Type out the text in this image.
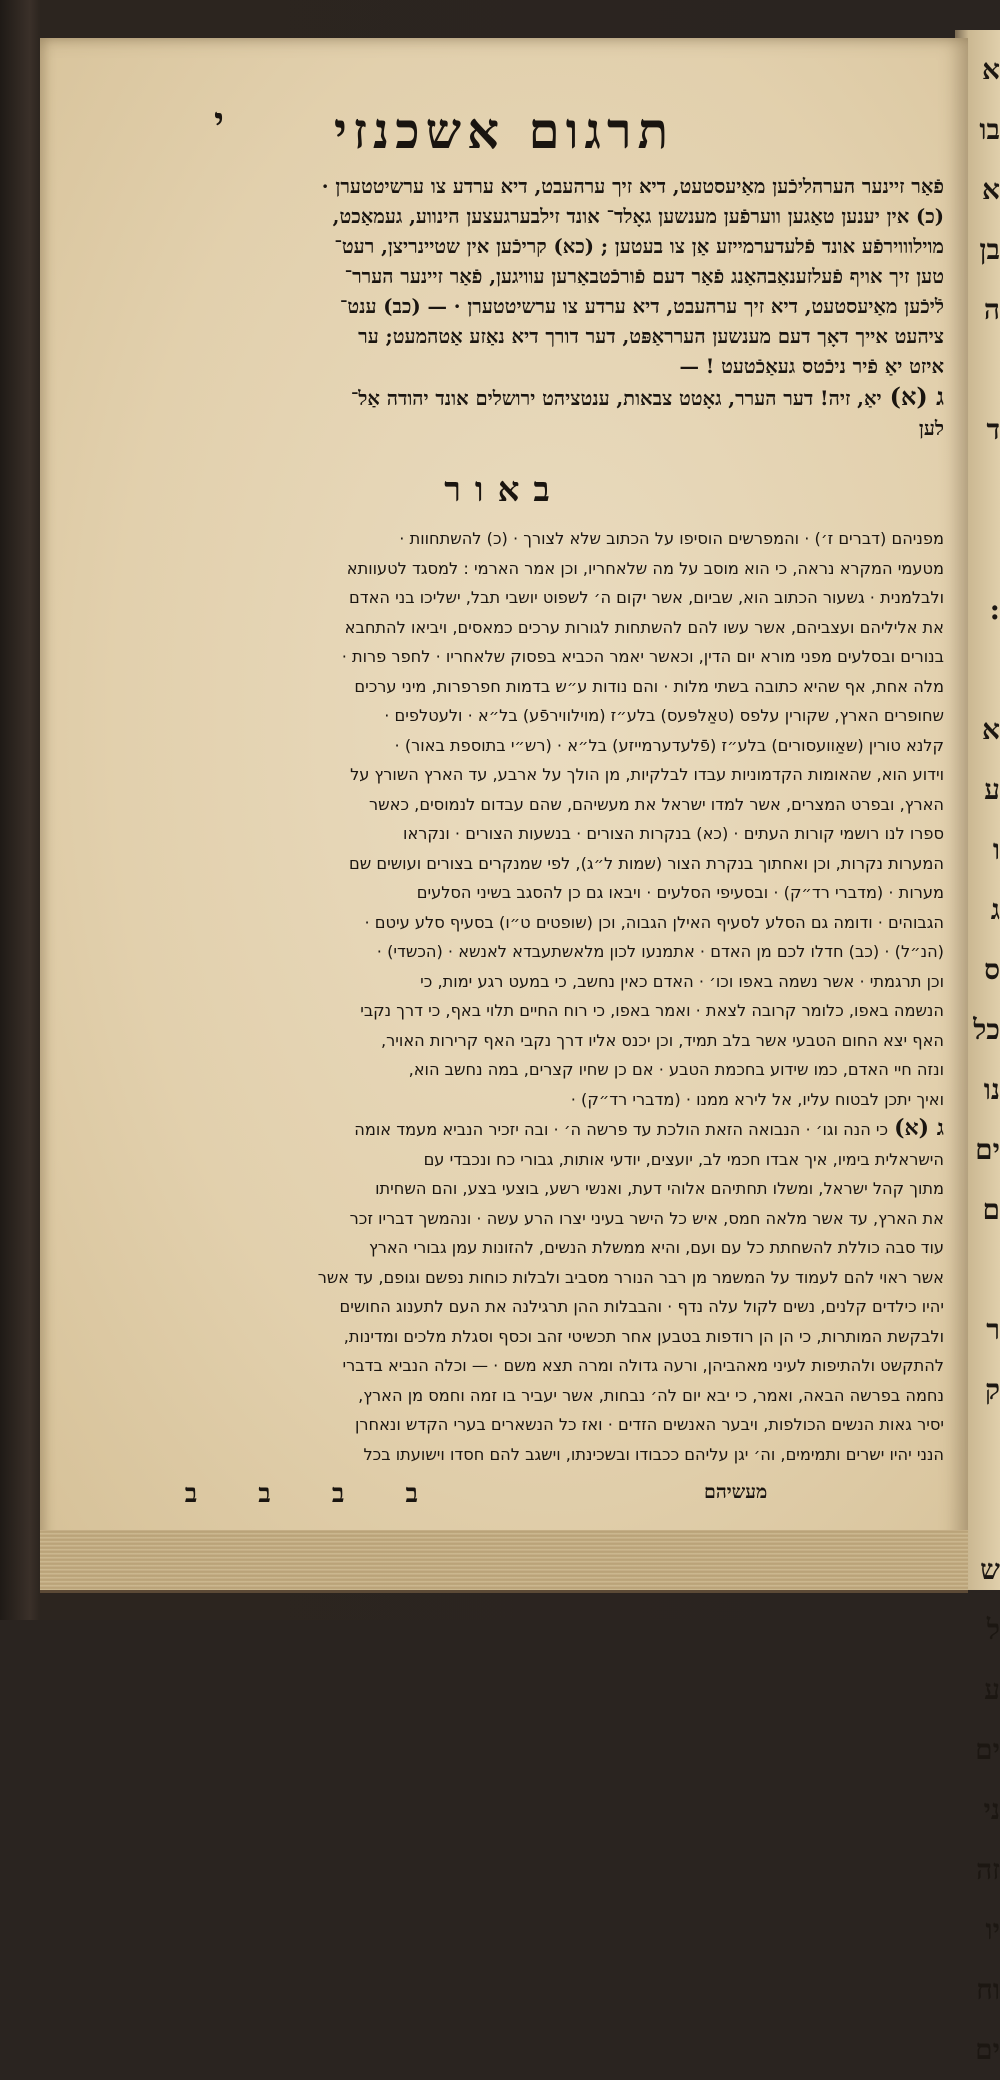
א
בו
א
בן
ה
ד
:
א
ע
ו
ג
ס
כל
נו
ים
ם
ר
ק
ש
ל
ע
ים
ני
זה
יו
וח
ים
תרגום אשכנזי
י
פֿאַר זיינער הערהליכֿען מאַיעסטעט, דיא זיך ערהעבט, דיא ערדע צו ערשיטטערן ·
(כ) אין יענען טאַגען ווערפֿען מענשען גאָלד־ אונד זילבערגעצען הינווע, געמאַכט,
מוילוווירפֿע אונד פֿלעדערמייזע אַן צו בעטען ; (כא) קריכֿען אין שטיינריצן, רעט־
טען זיך אויף פֿעלזענאַבהאַנג פֿאַר דעם פֿורכֿטבאַרען עוויגען, פֿאַר זיינער הערר־
לֿיכֿען מאַיעסטעט, דיא זיך ערהעבט, דיא ערדע צו ערשיטטערן · — (כב) ענט־
ציהעט אייך דאָך דעם מענשען הערראַפּט, דער דורך דיא נאַזע אַטהמעט; ער
איזט יאַ פֿיר ניכֿטס געאַכֿטעט ! —
ג (א)יאַ, זיה! דער הערר, גאָטט צבאות, ענטציהט ירושלים אונד יהודה אַל־
לען
באור
מפניהם (דברים ז׳) · והמפרשים הוסיפו על הכתוב שלא לצורך · (כ) להשתחוות ·
מטעמי המקרא נראה, כי הוא מוסב על מה שלאחריו, וכן אמר הארמי : למסגד לטעוותא
ולבלמנית · גשעור הכתוב הוא, שביום, אשר יקום ה׳ לשפוט יושבי תבל, ישליכו בני האדם
את אליליהם ועצביהם, אשר עשו להם להשתחות לגורות ערכים כמאסים, ויביאו להתחבא
בנורים ובסלעים מפני מורא יום הדין, וכאשר יאמר הכביא בפסוק שלאחריו · לחפר פרות ·
מלה אחת, אף שהיא כתובה בשתי מלות · והם נודות ע״ש בדמות חפרפרות, מיני ערכים
שחופרים הארץ, שקורין עלפס (טאַלפּעס) בלע״ז (מוילווירפֿע) בל״א · ולעטלפים ·
קלנא טורין (שאַוועסורים) בלע״ז (פֿלעדערמייזע) בל״א · (רש״י בתוספת באור) ·
וידוע הוא, שהאומות הקדמוניות עבדו לבלקיות, מן הולך על ארבע, עד הארץ השורץ על
הארץ, ובפרט המצרים, אשר למדו ישראל את מעשיהם, שהם עבדום לנמוסים, כאשר
ספרו לנו רושמי קורות העתים · (כא) בנקרות הצורים · בנשעות הצורים · ונקראו
המערות נקרות, וכן ואחתוך בנקרת הצור (שמות ל״ג), לפי שמנקרים בצורים ועושים שם
מערות · (מדברי רד״ק) · ובסעיפי הסלעים · ויבאו גם כן להסגב בשיני הסלעים
הגבוהים · ודומה גם הסלע לסעיף האילן הגבוה, וכן (שופטים ט״ו) בסעיף סלע עיטם ·
(הנ״ל) · (כב) חדלו לכם מן האדם · אתמנעו לכון מלאשתעבדא לאנשא · (הכשדי) ·
וכן תרגמתי · אשר נשמה באפו וכו׳ · האדם כאין נחשב, כי במעט רגע ימות, כי
הנשמה באפו, כלומר קרובה לצאת · ואמר באפו, כי רוח החיים תלוי באף, כי דרך נקבי
האף יצא החום הטבעי אשר בלב תמיד, וכן יכנס אליו דרך נקבי האף קרירות האויר,
ונזה חיי האדם, כמו שידוע בחכמת הטבע · אם כן שחיו קצרים, במה נחשב הוא,
ואיך יתכן לבטוח עליו, אל לירא ממנו · (מדברי רד״ק) ·
ג (א)כי הנה וגו׳ · הנבואה הזאת הולכת עד פרשה ה׳ · ובה יזכיר הנביא מעמד אומה
הישראלית בימיו, איך אבדו חכמי לב, יועצים, יודעי אותות, גבורי כח ונכבדי עם
מתוך קהל ישראל, ומשלו תחתיהם אלוהי דעת, ואנשי רשע, בוצעי בצע, והם השחיתו
את הארץ, עד אשר מלאה חמס, איש כל הישר בעיני יצרו הרע עשה · ונהמשך דבריו זכר
עוד סבה כוללת להשחתת כל עם ועם, והיא ממשלת הנשים, להזונות עמן גבורי הארץ
אשר ראוי להם לעמוד על המשמר מן רבר הנורר מסביב ולבלות כוחות נפשם וגופם, עד אשר
יהיו כילדים קלנים, נשים לקול עלה נדף · והבבלות ההן תרגילנה את העם לתענוג החושים
ולבקשת המותרות, כי הן הן רודפות בטבען אחר תכשיטי זהב וכסף וסגלת מלכים ומדינות,
להתקשט ולהתיפות לעיני מאהביהן, ורעה גדולה ומרה תצא משם · — וכלה הנביא בדברי
נחמה בפרשה הבאה, ואמר, כי יבא יום לה׳ נבחות, אשר יעביר בו זמה וחמס מן הארץ,
יסיר גאות הנשים הכולפות, ויבער האנשים הזדים · ואז כל הנשארים בערי הקדש ונאחרן
הנני יהיו ישרים ותמימים, וה׳ יגן עליהם ככבודו ובשכינתו, וישגב להם חסדו וישועתו בכל
ב ב ב ב	מעשיהם
